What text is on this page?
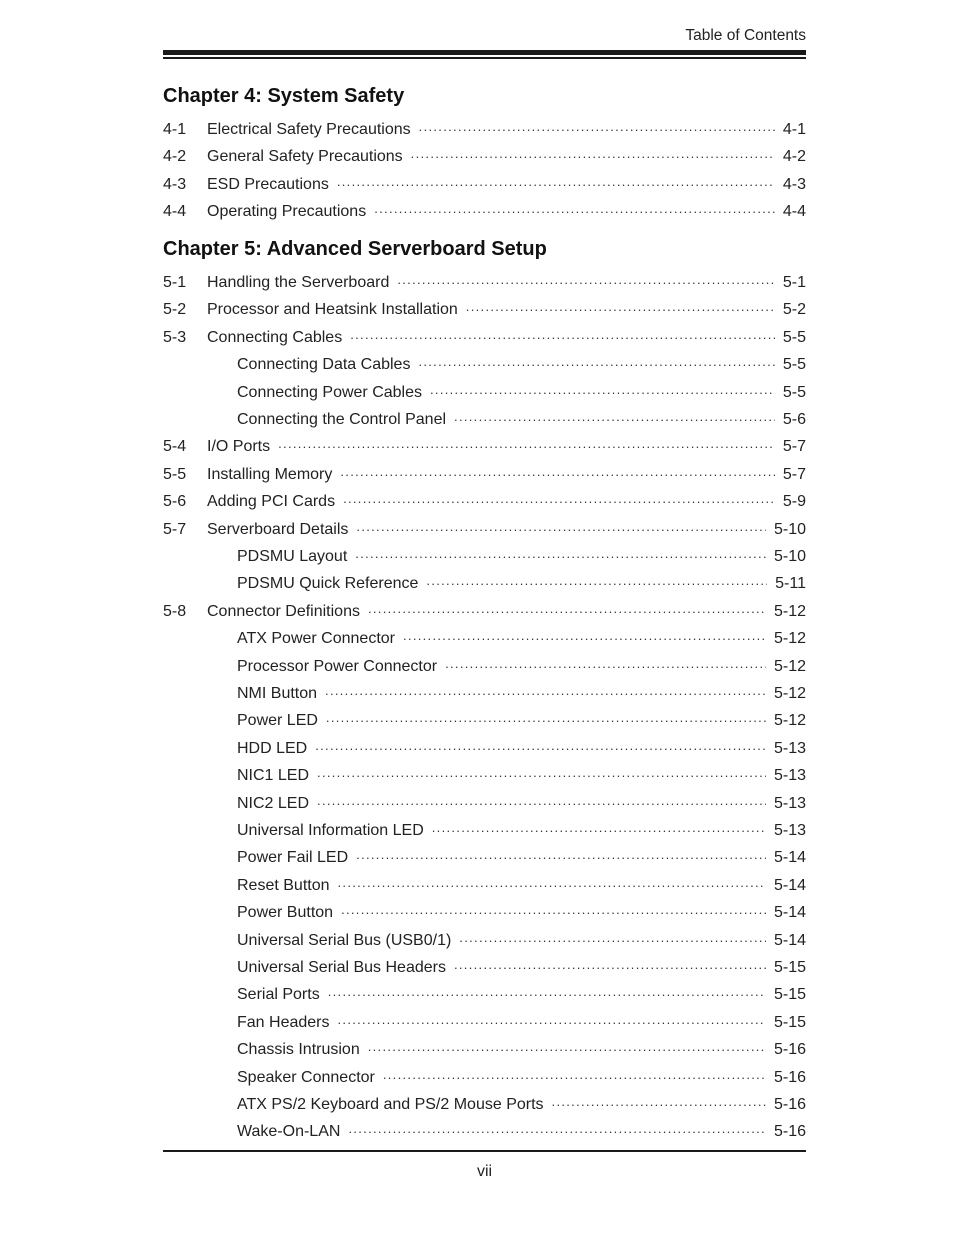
Table of Contents
Chapter 4: System Safety
4-1	Electrical Safety Precautions .....	4-1
4-2	General Safety Precautions .....	4-2
4-3	ESD Precautions .....	4-3
4-4	Operating Precautions .....	4-4
Chapter 5: Advanced Serverboard Setup
5-1	Handling the Serverboard .....	5-1
5-2	Processor and Heatsink Installation .....	5-2
5-3	Connecting Cables .....	5-5
Connecting Data Cables .....	5-5
Connecting Power Cables .....	5-5
Connecting the Control Panel .....	5-6
5-4	I/O Ports .....	5-7
5-5	Installing Memory .....	5-7
5-6	Adding PCI Cards .....	5-9
5-7	Serverboard Details .....	5-10
PDSMU Layout .....	5-10
PDSMU Quick Reference .....	5-11
5-8	Connector Definitions .....	5-12
ATX Power Connector .....	5-12
Processor Power Connector .....	5-12
NMI Button .....	5-12
Power LED .....	5-12
HDD LED .....	5-13
NIC1 LED .....	5-13
NIC2 LED .....	5-13
Universal Information LED .....	5-13
Power Fail LED .....	5-14
Reset Button .....	5-14
Power Button .....	5-14
Universal Serial Bus (USB0/1) .....	5-14
Universal Serial Bus Headers .....	5-15
Serial Ports .....	5-15
Fan Headers .....	5-15
Chassis Intrusion .....	5-16
Speaker Connector .....	5-16
ATX PS/2 Keyboard and PS/2 Mouse Ports .....	5-16
Wake-On-LAN .....	5-16
vii
